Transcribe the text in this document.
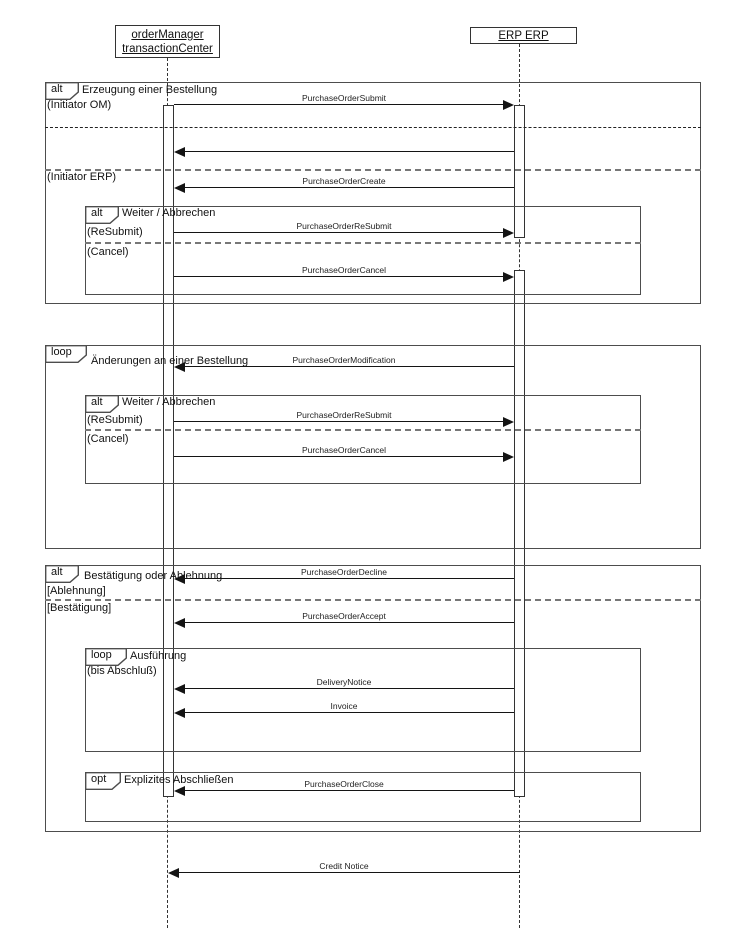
orderManager
transactionCenter
ERP ERP
alt Erzeugung einer Bestellung
(Initiator OM)
(Initiator ERP)
alt Weiter / Abbrechen
(ReSubmit)
(Cancel)
loop
Änderungen an einer Bestellung
alt Weiter / Abbrechen
(ReSubmit)
(Cancel)
alt Bestätigung oder Ablehnung
[Ablehnung]
[Bestätigung]
loop Ausführung
(bis Abschluß)
opt Explizites Abschließen
PurchaseOrderSubmit
PurchaseOrderCreate
PurchaseOrderReSubmit
PurchaseOrderCancel
PurchaseOrderModification
PurchaseOrderReSubmit
PurchaseOrderCancel
PurchaseOrderDecline
PurchaseOrderAccept
DeliveryNotice
Invoice
PurchaseOrderClose
Credit Notice
